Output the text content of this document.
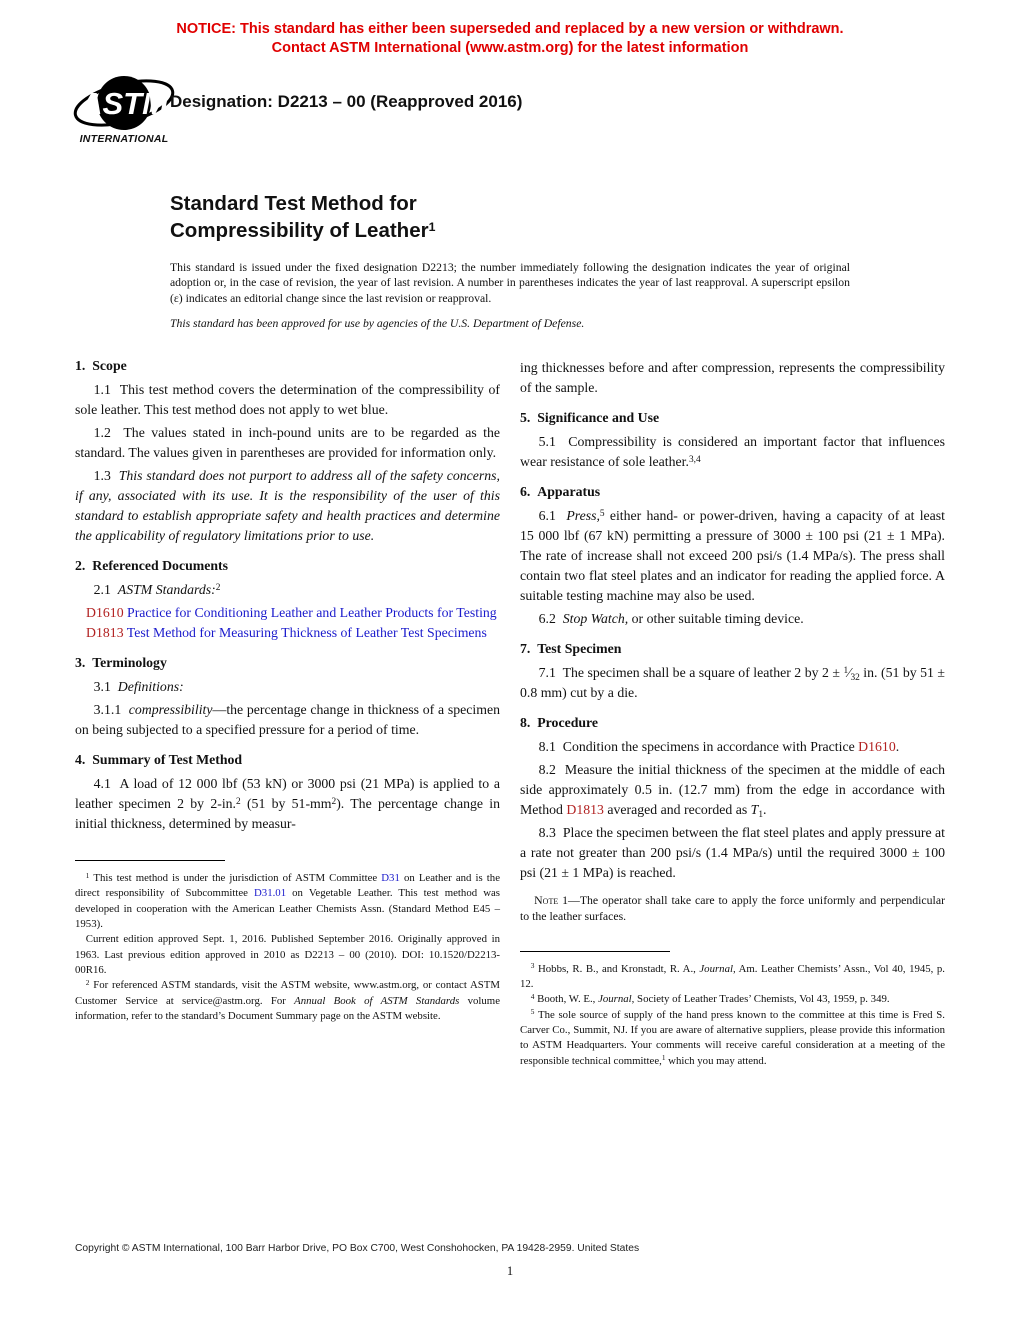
NOTICE: This standard has either been superseded and replaced by a new version or withdrawn.
Contact ASTM International (www.astm.org) for the latest information
ASTM
INTERNATIONAL
Designation: D2213 – 00 (Reapproved 2016)
Standard Test Method for
Compressibility of Leather$^1$
This standard is issued under the fixed designation D2213; the number immediately following the designation indicates the year of original adoption or, in the case of revision, the year of last revision. A number in parentheses indicates the year of last reapproval. A superscript epsilon (ε) indicates an editorial change since the last revision or reapproval.
This standard has been approved for use by agencies of the U.S. Department of Defense.
1.  Scope
1.1  This test method covers the determination of the compressibility of sole leather. This test method does not apply to wet blue.
1.2  The values stated in inch-pound units are to be regarded as the standard. The values given in parentheses are provided for information only.
1.3  This standard does not purport to address all of the safety concerns, if any, associated with its use. It is the responsibility of the user of this standard to establish appropriate safety and health practices and determine the applicability of regulatory limitations prior to use.
2.  Referenced Documents
2.1  ASTM Standards:$^2$
D1610 Practice for Conditioning Leather and Leather Products for Testing
D1813 Test Method for Measuring Thickness of Leather Test Specimens
3.  Terminology
3.1  Definitions:
3.1.1  compressibility—the percentage change in thickness of a specimen on being subjected to a specified pressure for a period of time.
4.  Summary of Test Method
4.1  A load of 12 000 lbf (53 kN) or 3000 psi (21 MPa) is applied to a leather specimen 2 by 2-in.$^2$ (51 by $51-mm^2$). The percentage change in initial thickness, determined by measur-
$^1$ This test method is under the jurisdiction of ASTM Committee D31 on Leather and is the direct responsibility of Subcommittee D31.01 on Vegetable Leather. This test method was developed in cooperation with the American Leather Chemists Assn. (Standard Method E45 – 1953).
Current edition approved Sept. 1, 2016. Published September 2016. Originally approved in 1963. Last previous edition approved in 2010 as D2213 – 00 (2010). DOI: 10.1520/D2213-00R16.
$^2$ For referenced ASTM standards, visit the ASTM website, www.astm.org, or contact ASTM Customer Service at service@astm.org. For Annual Book of ASTM Standards volume information, refer to the standard’s Document Summary page on the ASTM website.
ing thicknesses before and after compression, represents the compressibility of the sample.
5.  Significance and Use
5.1  Compressibility is considered an important factor that influences wear resistance of sole leather.$^{3,4}$
6.  Apparatus
6.1  Press,$^5$ either hand- or power-driven, having a capacity of at least 15 000 lbf (67 kN) permitting a pressure of 3000 ± 100 psi (21 ± 1 MPa). The rate of increase shall not exceed 200 psi/s (1.4 MPa/s). The press shall contain two flat steel plates and an indicator for reading the applied force. A suitable testing machine may also be used.
6.2  Stop Watch, or other suitable timing device.
7.  Test Specimen
7.1  The specimen shall be a square of leather 2 by 2 ± $^1$⁄32 in. (51 by 51 ± 0.8 mm) cut by a die.
8.  Procedure
8.1  Condition the specimens in accordance with Practice D1610.
8.2  Measure the initial thickness of the specimen at the middle of each side approximately 0.5 in. (12.7 mm) from the edge in accordance with Method D1813 averaged and recorded as T1.
8.3  Place the specimen between the flat steel plates and apply pressure at a rate not greater than 200 psi/s (1.4 MPa/s) until the required 3000 ± 100 psi (21 ± 1 MPa) is reached.
Note 1—The operator shall take care to apply the force uniformly and perpendicular to the leather surfaces.
$^3$ Hobbs, R. B., and Kronstadt, R. A., Journal, Am. Leather Chemists’ Assn., Vol 40, 1945, p. 12.
$^4$ Booth, W. E., Journal, Society of Leather Trades’ Chemists, Vol 43, 1959, p. 349.
$^5$ The sole source of supply of the hand press known to the committee at this time is Fred S. Carver Co., Summit, NJ. If you are aware of alternative suppliers, please provide this information to ASTM Headquarters. Your comments will receive careful consideration at a meeting of the responsible technical committee,$^1$ which you may attend.
Copyright © ASTM International, 100 Barr Harbor Drive, PO Box C700, West Conshohocken, PA 19428-2959. United States
1
